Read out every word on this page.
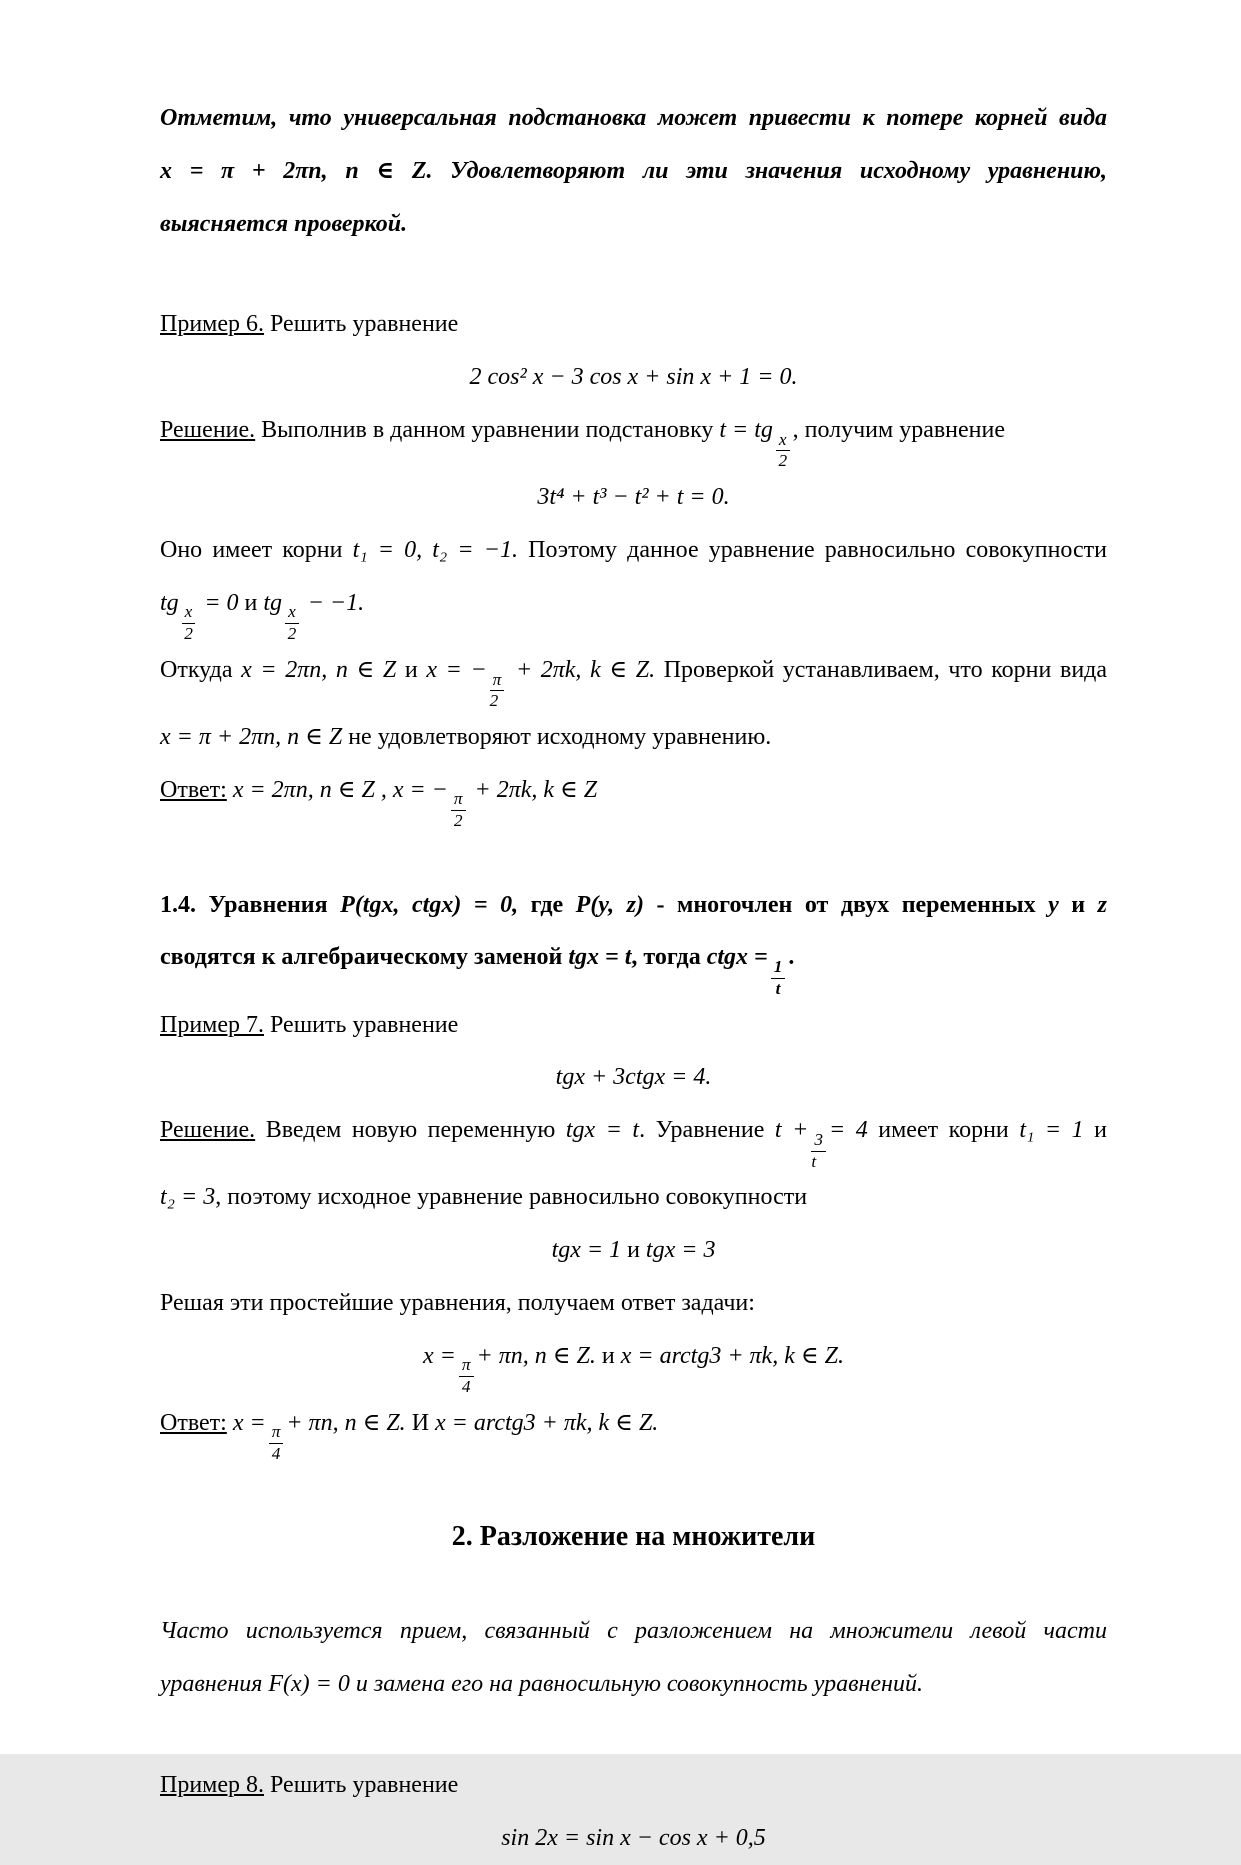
Отметим, что универсальная подстановка может привести к потере корней вида
x = π + 2πn, n ∈ Z. Удовлетворяют ли эти значения исходному уравнению,
выясняется проверкой.
Пример 6. Решить уравнение
2 cos² x − 3 cos x + sin x + 1 = 0.
Решение. Выполнив в данном уравнении подстановку t = tg
$\frac{x}{2}$
, получим уравнение
3t⁴ + t³ − t² + t = 0.
Оно имеет корни t₁ = 0, t₂ = −1. Поэтому данное уравнение равносильно совокупности
tg
$\frac{x}{2}$
= 0 и tg
$\frac{x}{2}$
− −1.
Откуда x = 2πn, n ∈ Z и x = −
$\frac{\pi}{2}$
+ 2πk, k ∈ Z. Проверкой устанавливаем, что корни вида
x = π + 2πn, n ∈ Z не удовлетворяют исходному уравнению.
Ответ: x = 2πn, n ∈ Z , x = −
$\frac{\pi}{2}$
+ 2πk, k ∈ Z
1.4. Уравнения P(tgx, ctgx) = 0, где P(y, z) - многочлен от двух переменных y и z
сводятся к алгебраическому заменой tgx = t, тогда ctgx =
$\frac{1}{t}$
.
Пример 7. Решить уравнение
tgx + 3ctgx = 4.
Решение. Введем новую переменную tgx = t. Уравнение t +
$\frac{3}{t}$
= 4 имеет корни t₁ = 1 и
t₂ = 3, поэтому исходное уравнение равносильно совокупности
tgx = 1 и tgx = 3
Решая эти простейшие уравнения, получаем ответ задачи:
x =
$\frac{\pi}{4}$
+ πn, n ∈ Z. и x = arctg3 + πk, k ∈ Z.
Ответ: x =
$\frac{\pi}{4}$
+ πn, n ∈ Z. И x = arctg3 + πk, k ∈ Z.
2. Разложение на множители
Часто используется прием, связанный с разложением на множители левой части
уравнения F(x) = 0 и замена его на равносильную совокупность уравнений.
Пример 8. Решить уравнение
sin 2x = sin x − cos x + 0,5
